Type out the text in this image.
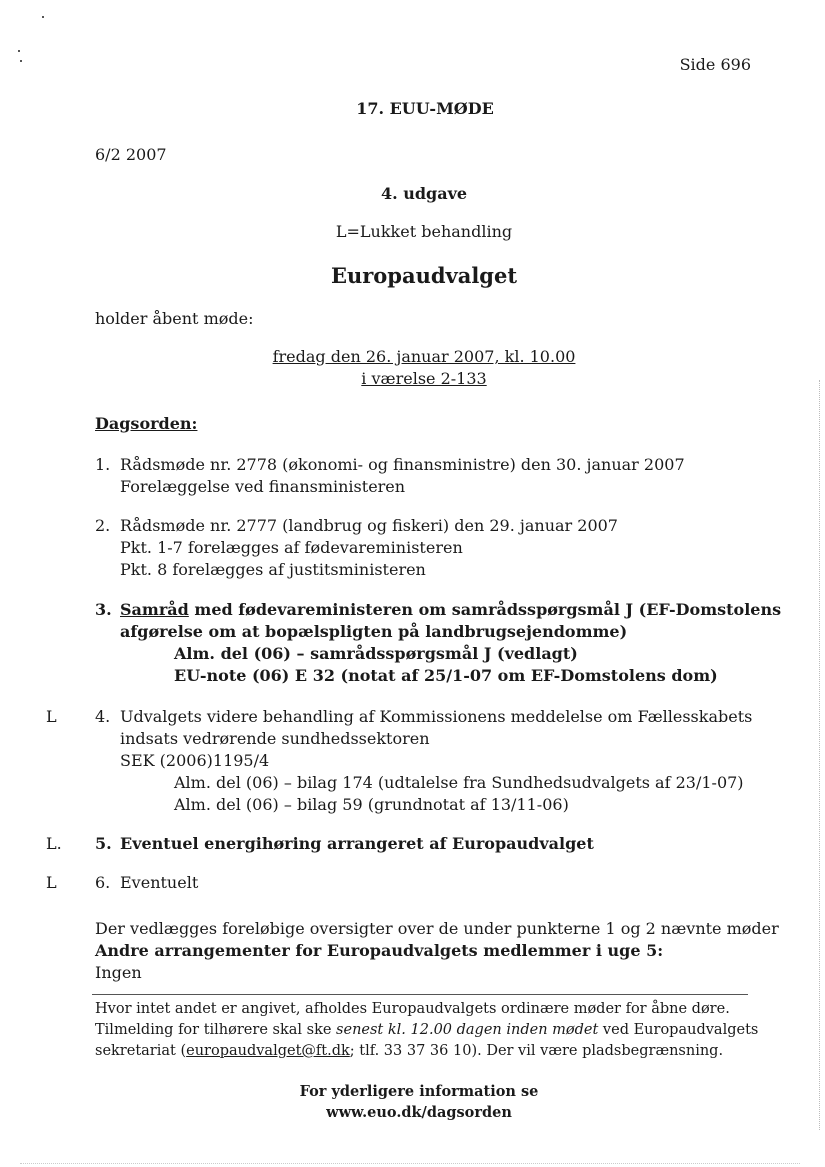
Side 696
17. EUU-MØDE
6/2 2007
4. udgave
L=Lukket behandling
Europaudvalget
holder åbent møde:
fredag den 26. januar 2007, kl. 10.00
i værelse 2-133
Dagsorden:
1. Rådsmøde nr. 2778 (økonomi- og finansministre) den 30. januar 2007
Forelæggelse ved finansministeren
2. Rådsmøde nr. 2777 (landbrug og fiskeri) den 29. januar 2007
Pkt. 1-7 forelægges af fødevareministeren
Pkt. 8 forelægges af justitsministeren
3. Samråd med fødevareministeren om samrådsspørgsmål J (EF-Domstolens
afgørelse om at bopælspligten på landbrugsejendomme)
Alm. del (06) – samrådsspørgsmål J (vedlagt)
EU-note (06) E 32 (notat af 25/1-07 om EF-Domstolens dom)
L 4. Udvalgets videre behandling af Kommissionens meddelelse om Fællesskabets
indsats vedrørende sundhedssektoren
SEK (2006)1195/4
Alm. del (06) – bilag 174 (udtalelse fra Sundhedsudvalgets af 23/1-07)
Alm. del (06) – bilag 59 (grundnotat af 13/11-06)
L. 5. Eventuel energihøring arrangeret af Europaudvalget
L 6. Eventuelt
Der vedlægges foreløbige oversigter over de under punkterne 1 og 2 nævnte møder
Andre arrangementer for Europaudvalgets medlemmer i uge 5:
Ingen
Hvor intet andet er angivet, afholdes Europaudvalgets ordinære møder for åbne døre.
Tilmelding for tilhørere skal ske senest kl. 12.00 dagen inden mødet ved Europaudvalgets
sekretariat (europaudvalget@ft.dk; tlf. 33 37 36 10). Der vil være pladsbegrænsning.
For yderligere information se
www.euo.dk/dagsorden
